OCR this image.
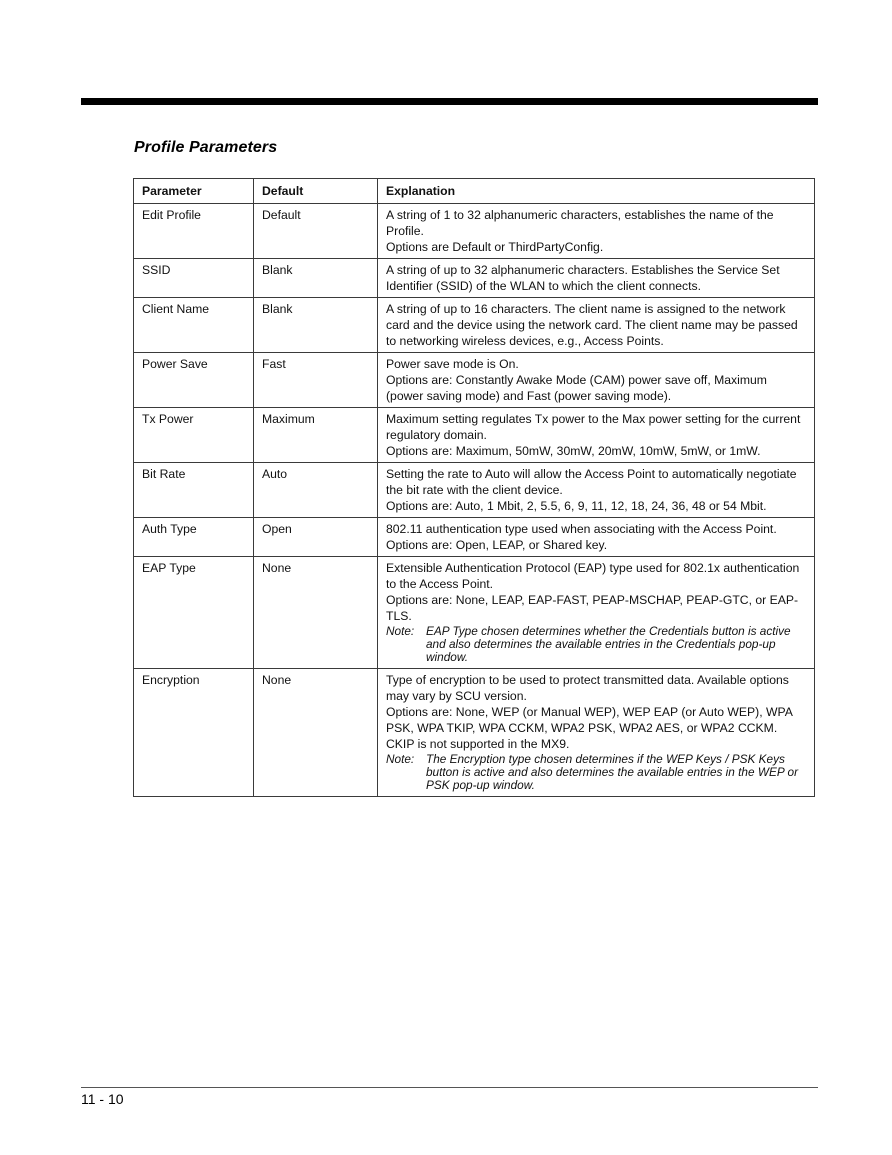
Profile Parameters
Parameter	Default	Explanation
Edit Profile	Default	A string of 1 to 32 alphanumeric characters, establishes the name of the Profile.
Options are Default or ThirdPartyConfig.

SSID	Blank	A string of up to 32 alphanumeric characters. Establishes the Service Set Identifier (SSID) of the WLAN to which the client connects.

Client Name	Blank	A string of up to 16 characters. The client name is assigned to the network card and the device using the network card. The client name may be passed to networking wireless devices, e.g., Access Points.

Power Save	Fast	Power save mode is On.
Options are: Constantly Awake Mode (CAM) power save off, Maximum (power saving mode) and Fast (power saving mode).

Tx Power	Maximum	Maximum setting regulates Tx power to the Max power setting for the current regulatory domain.
Options are: Maximum, 50mW, 30mW, 20mW, 10mW, 5mW, or 1mW.

Bit Rate	Auto	Setting the rate to Auto will allow the Access Point to automatically negotiate the bit rate with the client device.
Options are: Auto, 1 Mbit, 2, 5.5, 6, 9, 11, 12, 18, 24, 36, 48 or 54 Mbit.

Auth Type	Open	802.11 authentication type used when associating with the Access Point.
Options are: Open, LEAP, or Shared key.

EAP Type	None	Extensible Authentication Protocol (EAP) type used for 802.1x authentication to the Access Point.
Options are: None, LEAP, EAP-FAST, PEAP-MSCHAP, PEAP-GTC, or EAP-TLS.
Note: EAP Type chosen determines whether the Credentials button is active and also determines the available entries in the Credentials pop-up window.

Encryption	None	Type of encryption to be used to protect transmitted data. Available options may vary by SCU version.
Options are: None, WEP (or Manual WEP), WEP EAP (or Auto WEP), WPA PSK, WPA TKIP, WPA CCKM, WPA2 PSK, WPA2 AES, or WPA2 CCKM.
CKIP is not supported in the MX9.
Note: The Encryption type chosen determines if the WEP Keys / PSK Keys button is active and also determines the available entries in the WEP or PSK pop-up window.
11 - 10
